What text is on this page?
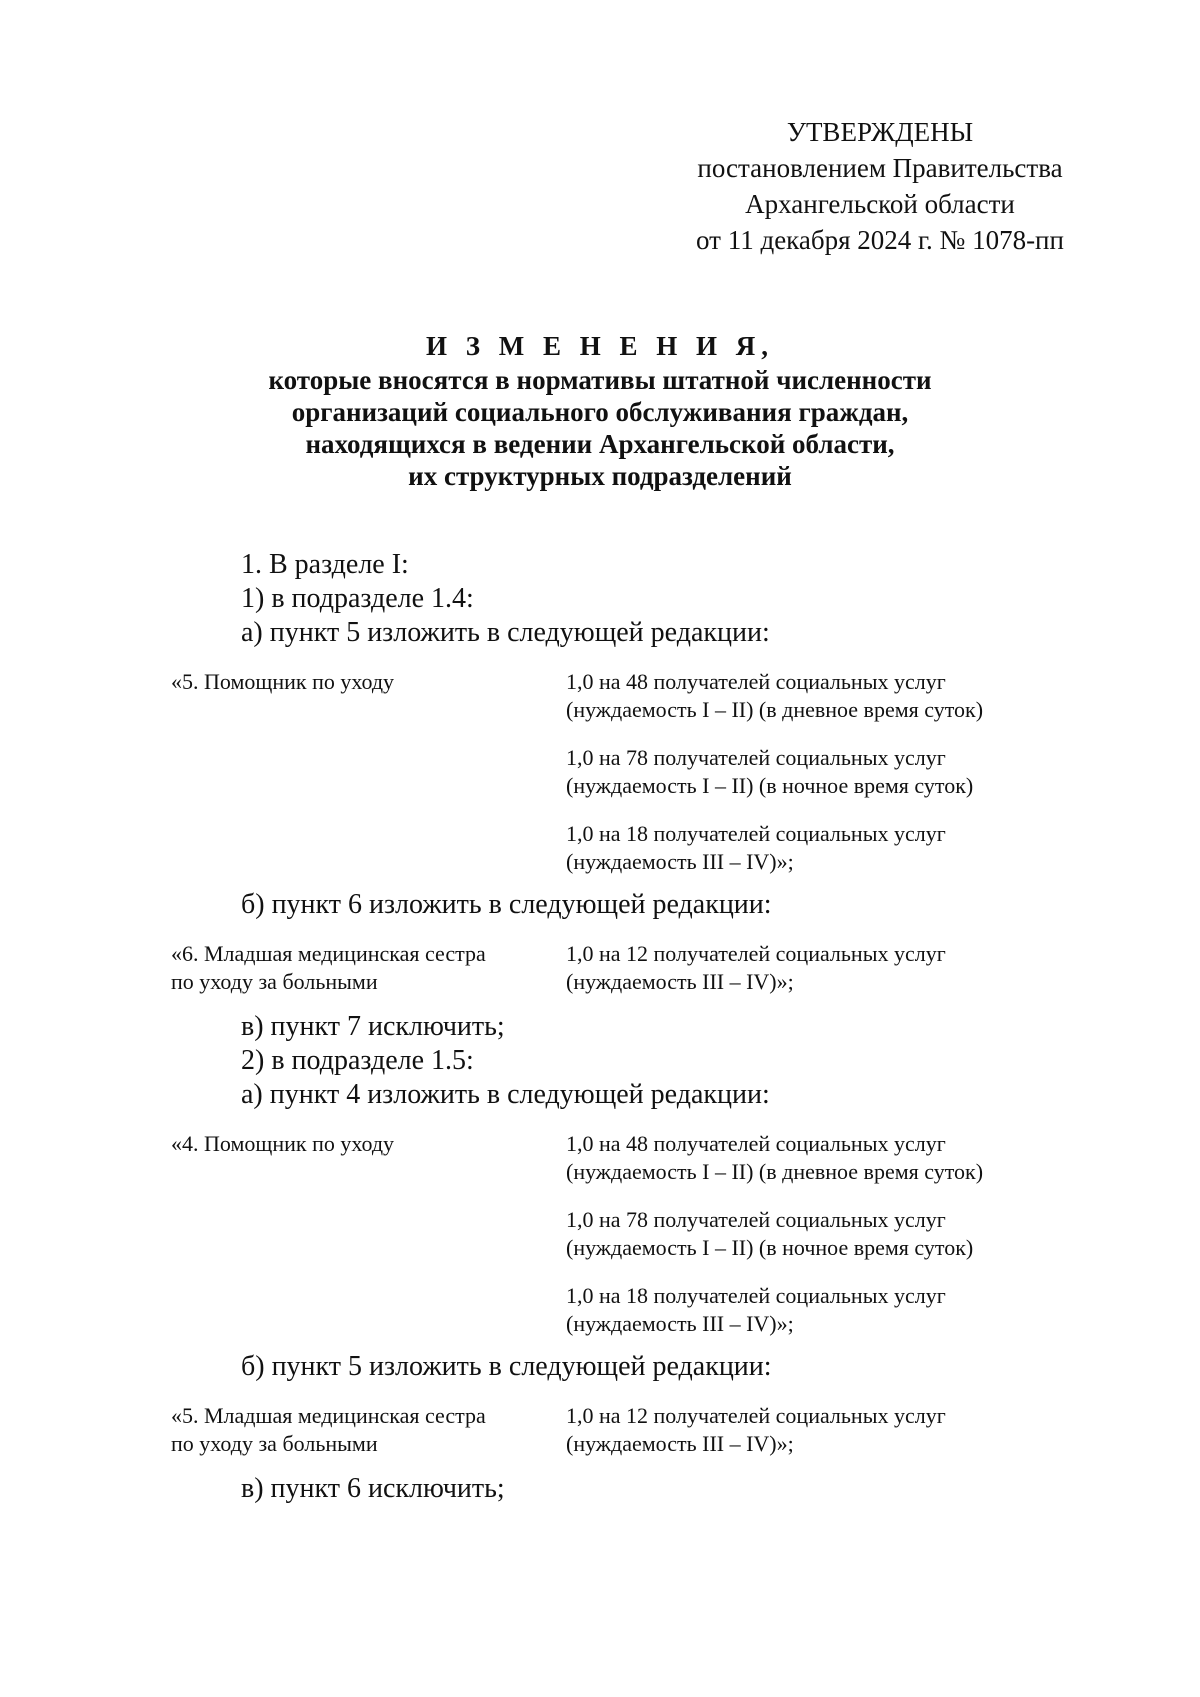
УТВЕРЖДЕНЫ
постановлением Правительства
Архангельской области
от 11 декабря 2024 г. № 1078-пп
И З М Е Н Е Н И Я,
которые вносятся в нормативы штатной численности
организаций социального обслуживания граждан,
находящихся в ведении Архангельской области,
их структурных подразделений
1. В разделе I:
1) в подразделе 1.4:
а) пункт 5 изложить в следующей редакции:
«5. Помощник по уходу	1,0 на 48 получателей социальных услуг
(нуждаемость I – II) (в дневное время суток)
1,0 на 78 получателей социальных услуг
(нуждаемость I – II) (в ночное время суток)
1,0 на 18 получателей социальных услуг
(нуждаемость III – IV)»;
б) пункт 6 изложить в следующей редакции:
«6. Младшая медицинская сестра
по уходу за больными
1,0 на 12 получателей социальных услуг
(нуждаемость III – IV)»;
в) пункт 7 исключить;
2) в подразделе 1.5:
а) пункт 4 изложить в следующей редакции:
«4. Помощник по уходу	1,0 на 48 получателей социальных услуг
(нуждаемость I – II) (в дневное время суток)
1,0 на 78 получателей социальных услуг
(нуждаемость I – II) (в ночное время суток)
1,0 на 18 получателей социальных услуг
(нуждаемость III – IV)»;
б) пункт 5 изложить в следующей редакции:
«5. Младшая медицинская сестра
по уходу за больными
1,0 на 12 получателей социальных услуг
(нуждаемость III – IV)»;
в) пункт 6 исключить;
